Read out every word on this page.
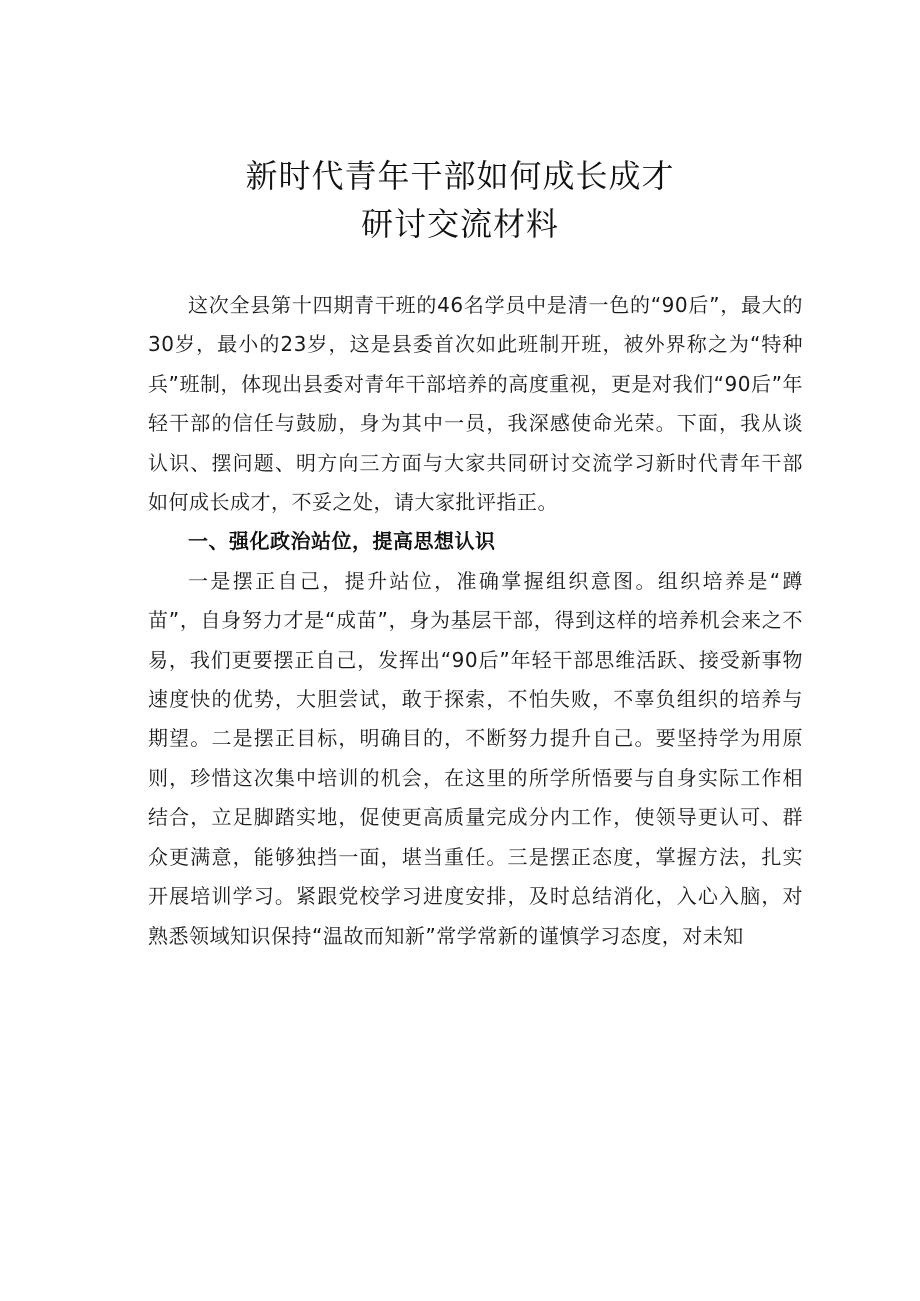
新时代青年干部如何成长成才
研讨交流材料

这次全县第十四期青干班的46名学员中是清一色的“90后”，最大的30岁，最小的23岁，这是县委首次如此班制开班，被外界称之为“特种兵”班制，体现出县委对青年干部培养的高度重视，更是对我们“90后”年轻干部的信任与鼓励，身为其中一员，我深感使命光荣。下面，我从谈认识、摆问题、明方向三方面与大家共同研讨交流学习新时代青年干部如何成长成才，不妥之处，请大家批评指正。

一、强化政治站位，提高思想认识

一是摆正自己，提升站位，准确掌握组织意图。组织培养是“蹲苗”，自身努力才是“成苗”，身为基层干部，得到这样的培养机会来之不易，我们更要摆正自己，发挥出“90后”年轻干部思维活跃、接受新事物速度快的优势，大胆尝试，敢于探索，不怕失败，不辜负组织的培养与期望。二是摆正目标，明确目的，不断努力提升自己。要坚持学为用原则，珍惜这次集中培训的机会，在这里的所学所悟要与自身实际工作相结合，立足脚踏实地，促使更高质量完成分内工作，使领导更认可、群众更满意，能够独挡一面，堪当重任。三是摆正态度，掌握方法，扎实开展培训学习。紧跟党校学习进度安排，及时总结消化，入心入脑，对熟悉领域知识保持“温故而知新”常学常新的谨慎学习态度，对未知
